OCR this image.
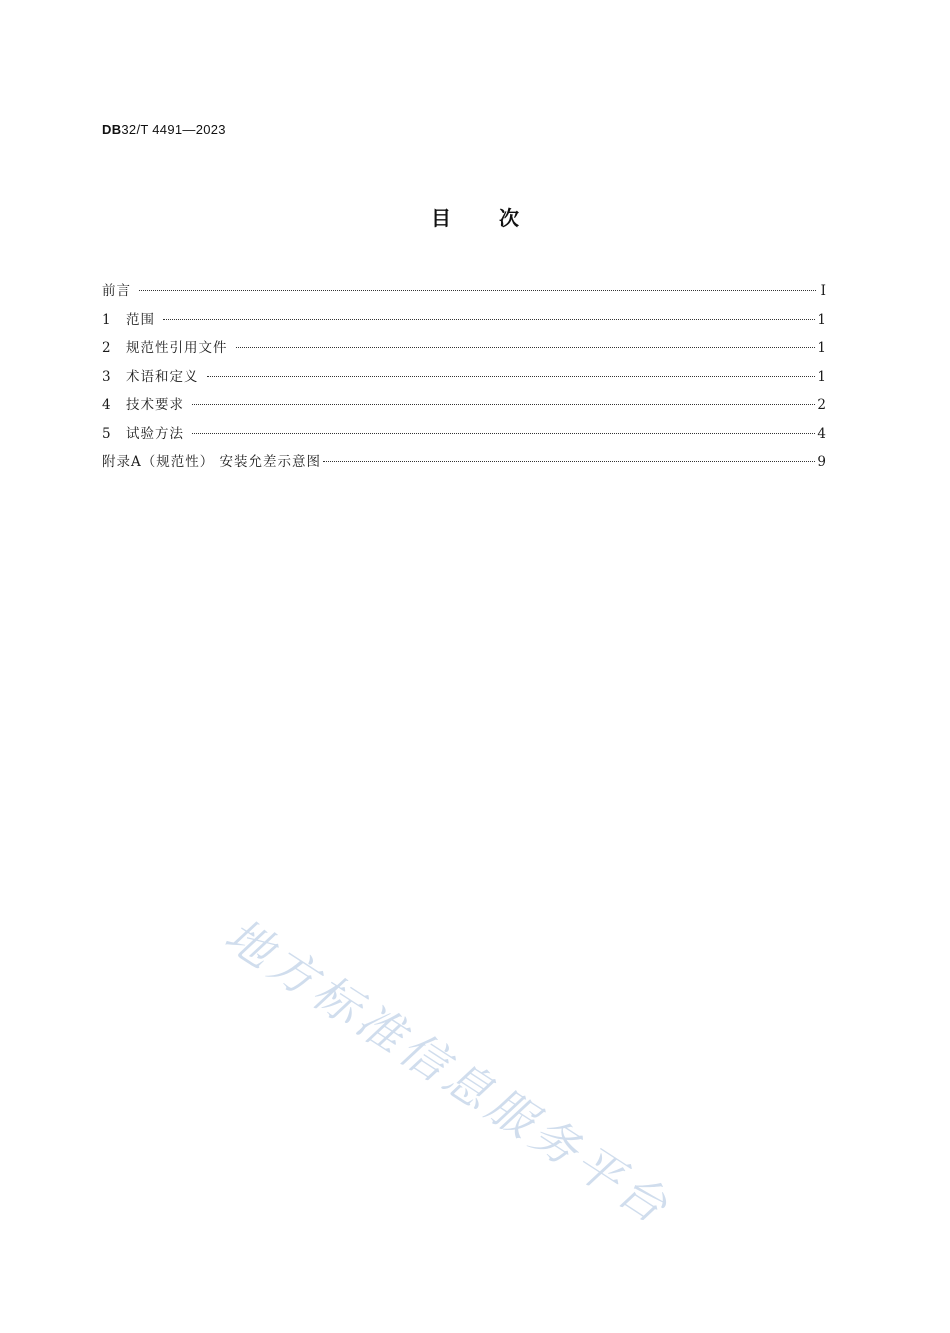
DB32/T 4491—2023
目次
前言	I
1	范围	1
2	规范性引用文件	1
3	术语和定义	1
4	技术要求	2
5	试验方法	4
附录A（规范性） 安装允差示意图	9
地方标准信息服务平台
